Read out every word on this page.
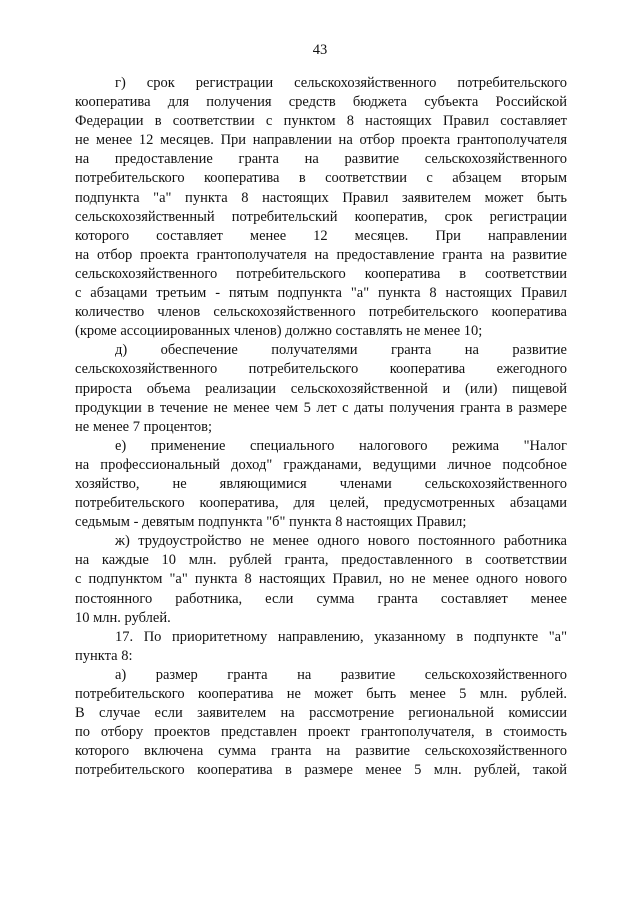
43
г) срок регистрации сельскохозяйственного потребительского
кооператива для получения средств бюджета субъекта Российской
Федерации в соответствии с пунктом 8 настоящих Правил составляет
не менее 12 месяцев. При направлении на отбор проекта грантополучателя
на предоставление гранта на развитие сельскохозяйственного
потребительского кооператива в соответствии с абзацем вторым
подпункта "а" пункта 8 настоящих Правил заявителем может быть
сельскохозяйственный потребительский кооператив, срок регистрации
которого составляет менее 12 месяцев. При направлении
на отбор проекта грантополучателя на предоставление гранта на развитие
сельскохозяйственного потребительского кооператива в соответствии
с абзацами третьим - пятым подпункта "а" пункта 8 настоящих Правил
количество членов сельскохозяйственного потребительского кооператива
(кроме ассоциированных членов) должно составлять не менее 10;
д) обеспечение получателями гранта на развитие
сельскохозяйственного потребительского кооператива ежегодного
прироста объема реализации сельскохозяйственной и (или) пищевой
продукции в течение не менее чем 5 лет с даты получения гранта в размере
не менее 7 процентов;
е) применение специального налогового режима "Налог
на профессиональный доход" гражданами, ведущими личное подсобное
хозяйство, не являющимися членами сельскохозяйственного
потребительского кооператива, для целей, предусмотренных абзацами
седьмым - девятым подпункта "б" пункта 8 настоящих Правил;
ж) трудоустройство не менее одного нового постоянного работника
на каждые 10 млн. рублей гранта, предоставленного в соответствии
с подпунктом "а" пункта 8 настоящих Правил, но не менее одного нового
постоянного работника, если сумма гранта составляет менее
10 млн. рублей.
17. По приоритетному направлению, указанному в подпункте "а"
пункта 8:
а) размер гранта на развитие сельскохозяйственного
потребительского кооператива не может быть менее 5 млн. рублей.
В случае если заявителем на рассмотрение региональной комиссии
по отбору проектов представлен проект грантополучателя, в стоимость
которого включена сумма гранта на развитие сельскохозяйственного
потребительского кооператива в размере менее 5 млн. рублей, такой
